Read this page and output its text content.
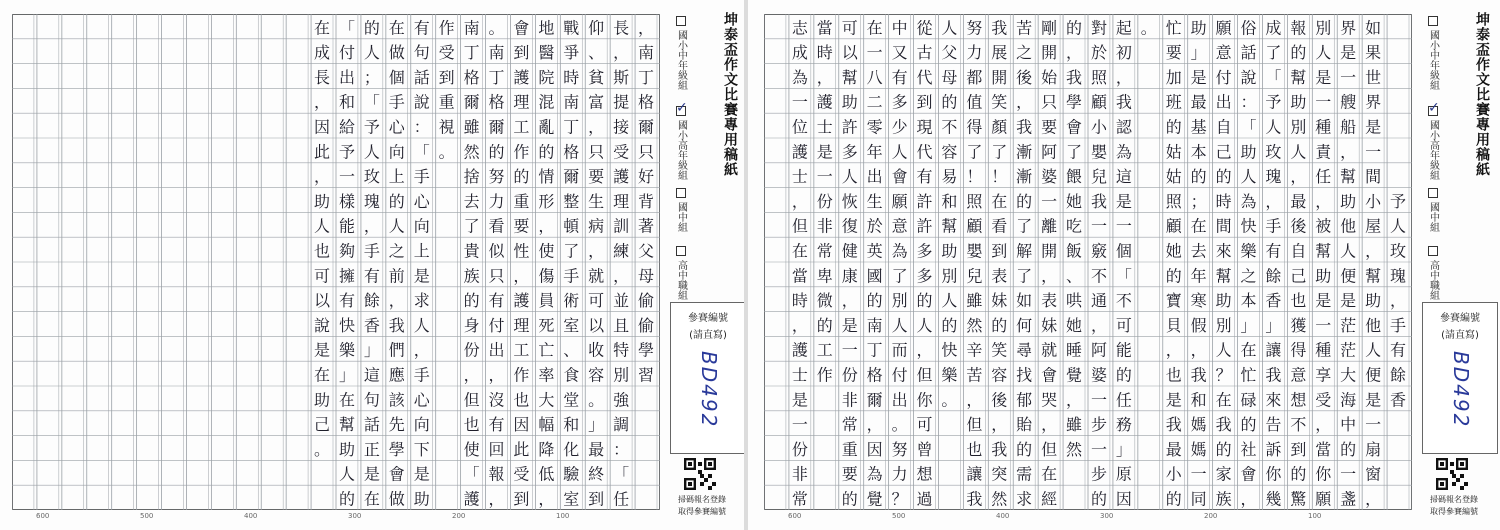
，
南
丁
格
爾
只
好
背
著
父
母
偷
偷
學
習
長
，
斯
提
接
受
護
理
訓
練
，
並
且
特
別
強
調
：
「
任
仰
、
貧
富
，
只
要
生
病
，
就
可
以
收
容
。
」
最
終
到
戰
爭
時
南
丁
格
爾
整
頓
了
手
術
室
、
食
堂
和
化
驗
室
地
醫
院
混
亂
的
情
形
，
使
傷
員
死
亡
率
大
幅
降
低
，
會
到
護
理
工
作
的
重
要
性
，
護
理
工
作
也
因
此
受
到
。
南
丁
格
爾
的
努
力
看
似
只
有
付
出
，
沒
有
回
報
，
南
丁
格
爾
雖
然
捨
去
了
貴
族
的
身
份
，
但
也
使
「
護
作
受
到
重
視
。
有
句
話
說
：
「
手
心
向
上
是
求
人
，
手
心
向
下
是
助
在
做
個
手
心
向
上
的
人
之
前
，
我
們
應
該
先
學
會
做
的
人
；
「
予
人
玫
瑰
，
手
有
餘
香
」
這
句
話
正
是
在
「
付
出
和
給
予
一
樣
能
夠
擁
有
快
樂
」
在
幫
助
人
的
在
成
長
，
因
此
，
助
人
也
可
以
說
是
在
助
己
。
坤泰盃作文比賽專用稿紙
國小中年級組
✓
國小高年級組
國中組
高中職組
參賽編號
(請直寫)
BD492
掃碼報名登錄
取得參賽編號
600	500	400	300	200	100
予
人
玫
瑰
，
手
有
餘
香
如
果
世
界
是
一
間
小
屋
，
幫
助
他
人
便
是
一
扇
窗
，
界
是
一
艘
船
，
幫
助
他
人
便
是
茫
茫
大
海
中
的
一
盞
別
人
是
一
種
責
任
，
被
幫
助
是
一
種
享
受
，
當
你
願
報
的
幫
助
別
人
，
最
後
自
己
也
獲
得
意
想
不
到
的
驚
成
了
「
予
人
玫
瑰
，
手
有
餘
香
」
讓
我
來
告
訴
你
幾
俗
話
說
：
「
助
人
為
快
樂
之
本
」
在
忙
碌
的
社
會
，
願
意
付
出
自
己
的
時
間
來
幫
助
別
人
？
在
我
的
家
族
助
」
是
最
基
本
的
；
在
去
年
寒
假
，
我
和
媽
媽
一
同
忙
要
加
班
的
姑
姑
照
顧
她
的
寶
貝
，
也
是
我
最
小
的
。
起
初
，
我
認
為
這
是
一
個
「
不
可
能
的
任
務
」
原
因
對
於
照
顧
小
嬰
兒
我
一
竅
不
通
，
阿
婆
一
步
一
步
的
的
，
我
學
會
了
餵
她
吃
飯
、
哄
她
睡
覺
，
雖
然
剛
開
始
只
要
阿
婆
一
離
開
，
表
妹
就
會
哭
，
但
在
經
苦
之
後
，
我
漸
漸
的
了
解
了
如
何
尋
找
郁
貽
的
需
求
我
展
開
笑
顏
了
！
在
看
到
表
妹
的
笑
容
後
，
我
突
然
努
力
都
值
得
了
！
照
顧
嬰
兒
雖
然
辛
苦
，
但
也
讓
我
人
父
母
的
不
容
易
和
幫
助
別
人
的
快
樂
。
從
古
代
到
現
代
有
許
許
多
多
的
人
，
但
你
可
曾
想
過
中
又
有
多
少
人
會
願
意
為
了
別
人
而
付
出
。
努
力
？
在
一
八
二
零
年
出
生
於
英
國
的
南
丁
格
爾
，
因
為
覺
可
以
幫
助
許
多
人
恢
復
健
康
，
是
一
份
非
常
重
要
的
當
時
，
護
士
是
一
份
非
常
卑
微
的
工
作
志
成
為
一
位
護
士
，
但
在
當
時
，
護
士
是
一
份
非
常
坤泰盃作文比賽專用稿紙
國小中年級組
✓
國小高年級組
國中組
高中職組
參賽編號
(請直寫)
BD492
掃碼報名登錄
取得參賽編號
600	500	400	300	200	100
